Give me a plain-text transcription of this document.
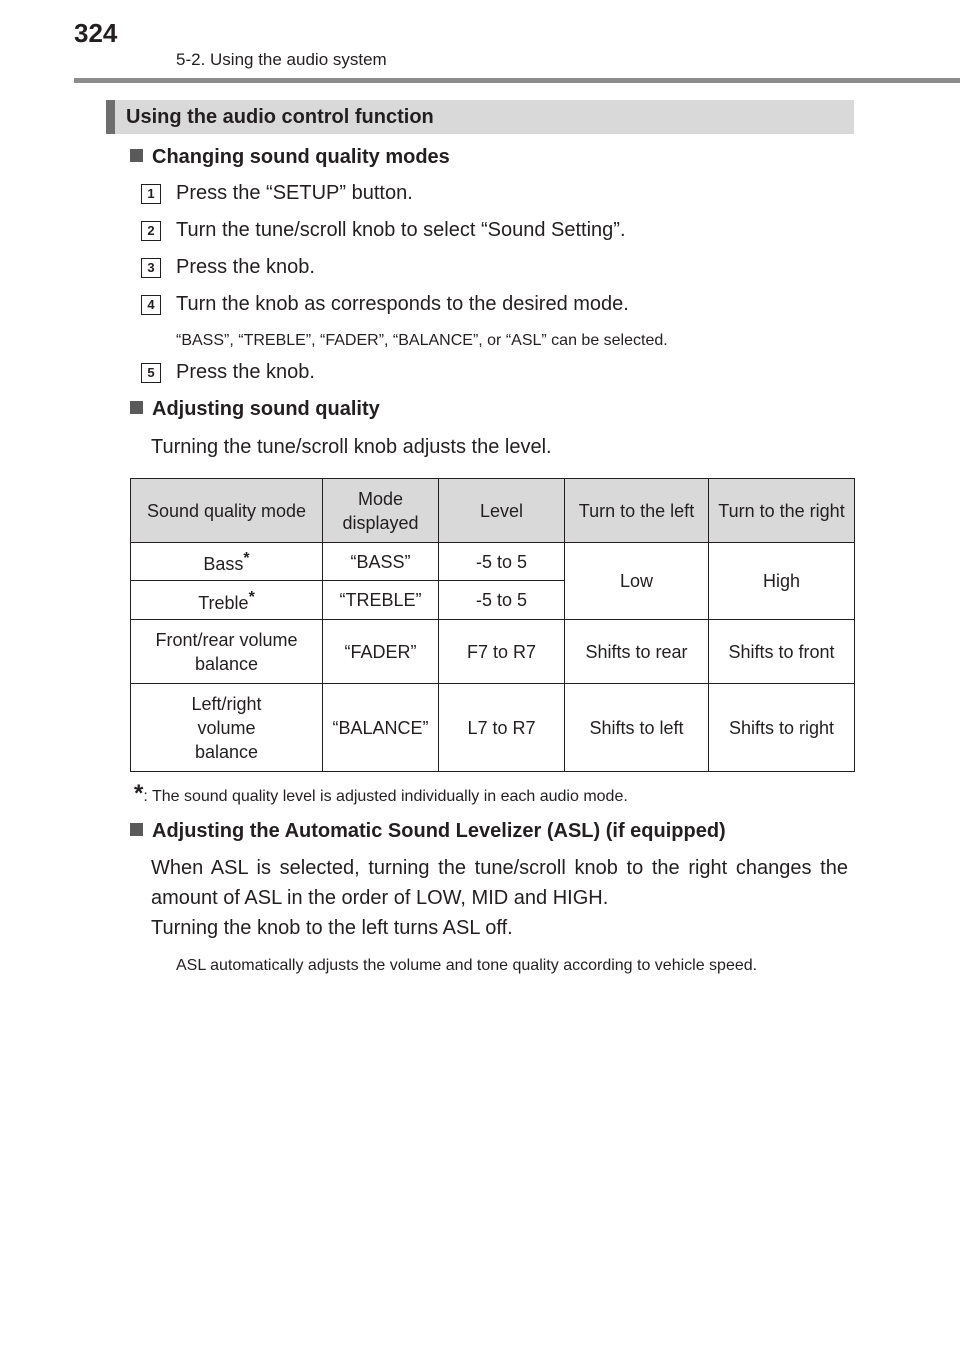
324
5-2. Using the audio system
Using the audio control function
Changing sound quality modes
1	Press the “SETUP” button.
2	Turn the tune/scroll knob to select “Sound Setting”.
3	Press the knob.
4	Turn the knob as corresponds to the desired mode.
“BASS”, “TREBLE”, “FADER”, “BALANCE”, or “ASL” can be selected.
5	Press the knob.
Adjusting sound quality
Turning the tune/scroll knob adjusts the level.
Sound quality mode	Mode displayed	Level	Turn to the left	Turn to the right
Bass*	“BASS”	-5 to 5	Low	High
Treble*	“TREBLE”	-5 to 5		
Front/rear volume balance	“FADER”	F7 to R7	Shifts to rear	Shifts to front
Left/right volume balance	“BALANCE”	L7 to R7	Shifts to left	Shifts to right
*: The sound quality level is adjusted individually in each audio mode.
Adjusting the Automatic Sound Levelizer (ASL) (if equipped)
When ASL is selected, turning the tune/scroll knob to the right changes the amount of ASL in the order of LOW, MID and HIGH.
Turning the knob to the left turns ASL off.
ASL automatically adjusts the volume and tone quality according to vehicle speed.
